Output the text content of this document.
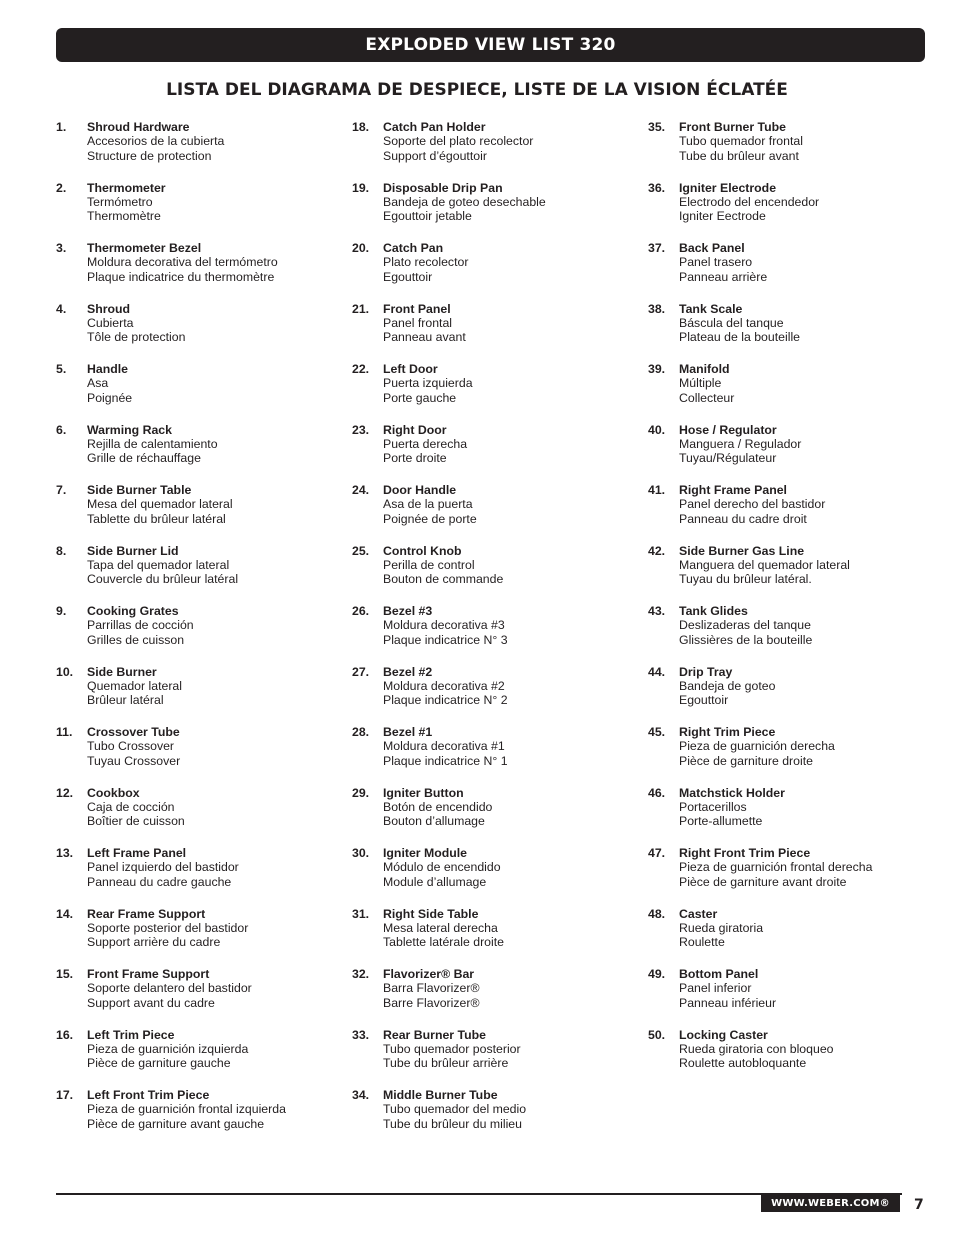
EXPLODED VIEW LIST 320
LISTA DEL DIAGRAMA DE DESPIECE, LISTE DE LA VISION ÉCLATÉE
1.	Shroud Hardware
Accesorios de la cubierta
Structure de protection
2.	Thermometer
Termómetro
Thermomètre
3.	Thermometer Bezel
Moldura decorativa del termómetro
Plaque indicatrice du thermomètre
4.	Shroud
Cubierta
Tôle de protection
5.	Handle
Asa
Poignée
6.	Warming Rack
Rejilla de calentamiento
Grille de réchauffage
7.	Side Burner Table
Mesa del quemador lateral
Tablette du brûleur latéral
8.	Side Burner Lid
Tapa del quemador lateral
Couvercle du brûleur latéral
9.	Cooking Grates
Parrillas de cocción
Grilles de cuisson
10.	Side Burner
Quemador lateral
Brûleur latéral
11.	Crossover Tube
Tubo Crossover
Tuyau Crossover
12.	Cookbox
Caja de cocción
Boîtier de cuisson
13.	Left Frame Panel
Panel izquierdo del bastidor
Panneau du cadre gauche
14.	Rear Frame Support
Soporte posterior del bastidor
Support arrière du cadre
15.	Front Frame Support
Soporte delantero del bastidor
Support avant du cadre
16.	Left Trim Piece
Pieza de guarnición izquierda
Pièce de garniture gauche
17.	Left Front Trim Piece
Pieza de guarnición frontal izquierda
Pièce de garniture avant gauche
18.	Catch Pan Holder
Soporte del plato recolector
Support d’égouttoir
19.	Disposable Drip Pan
Bandeja de goteo desechable
Egouttoir jetable
20.	Catch Pan
Plato recolector
Egouttoir
21.	Front Panel
Panel frontal
Panneau avant
22.	Left Door
Puerta izquierda
Porte gauche
23.	Right Door
Puerta derecha
Porte droite
24.	Door Handle
Asa de la puerta
Poignée de porte
25.	Control Knob
Perilla de control
Bouton de commande
26.	Bezel #3
Moldura decorativa #3
Plaque indicatrice N° 3
27.	Bezel #2
Moldura decorativa #2
Plaque indicatrice N° 2
28.	Bezel #1
Moldura decorativa #1
Plaque indicatrice N° 1
29.	Igniter Button
Botón de encendido
Bouton d’allumage
30.	Igniter Module
Módulo de encendido
Module d’allumage
31.	Right Side Table
Mesa lateral derecha
Tablette latérale droite
32.	Flavorizer® Bar
Barra Flavorizer®
Barre Flavorizer®
33.	Rear Burner Tube
Tubo quemador posterior
Tube du brûleur arrière
34.	Middle Burner Tube
Tubo quemador del medio
Tube du brûleur du milieu
35.	Front Burner Tube
Tubo quemador frontal
Tube du brûleur avant
36.	Igniter Electrode
Electrodo del encendedor
Igniter Eectrode
37.	Back Panel
Panel trasero
Panneau arrière
38.	Tank Scale
Báscula del tanque
Plateau de la bouteille
39.	Manifold
Múltiple
Collecteur
40.	Hose / Regulator
Manguera / Regulador
Tuyau/Régulateur
41.	Right Frame Panel
Panel derecho del bastidor
Panneau du cadre droit
42.	Side Burner Gas Line
Manguera del quemador lateral
Tuyau du brûleur latéral.
43.	Tank Glides
Deslizaderas del tanque
Glissières de la bouteille
44.	Drip Tray
Bandeja de goteo
Egouttoir
45.	Right Trim Piece
Pieza de guarnición derecha
Pièce de garniture droite
46.	Matchstick Holder
Portacerillos
Porte-allumette
47.	Right Front Trim Piece
Pieza de guarnición frontal derecha
Pièce de garniture avant droite
48.	Caster
Rueda giratoria
Roulette
49.	Bottom Panel
Panel inferior
Panneau inférieur
50.	Locking Caster
Rueda giratoria con bloqueo
Roulette autobloquante
WWW.WEBER.COM® 7
